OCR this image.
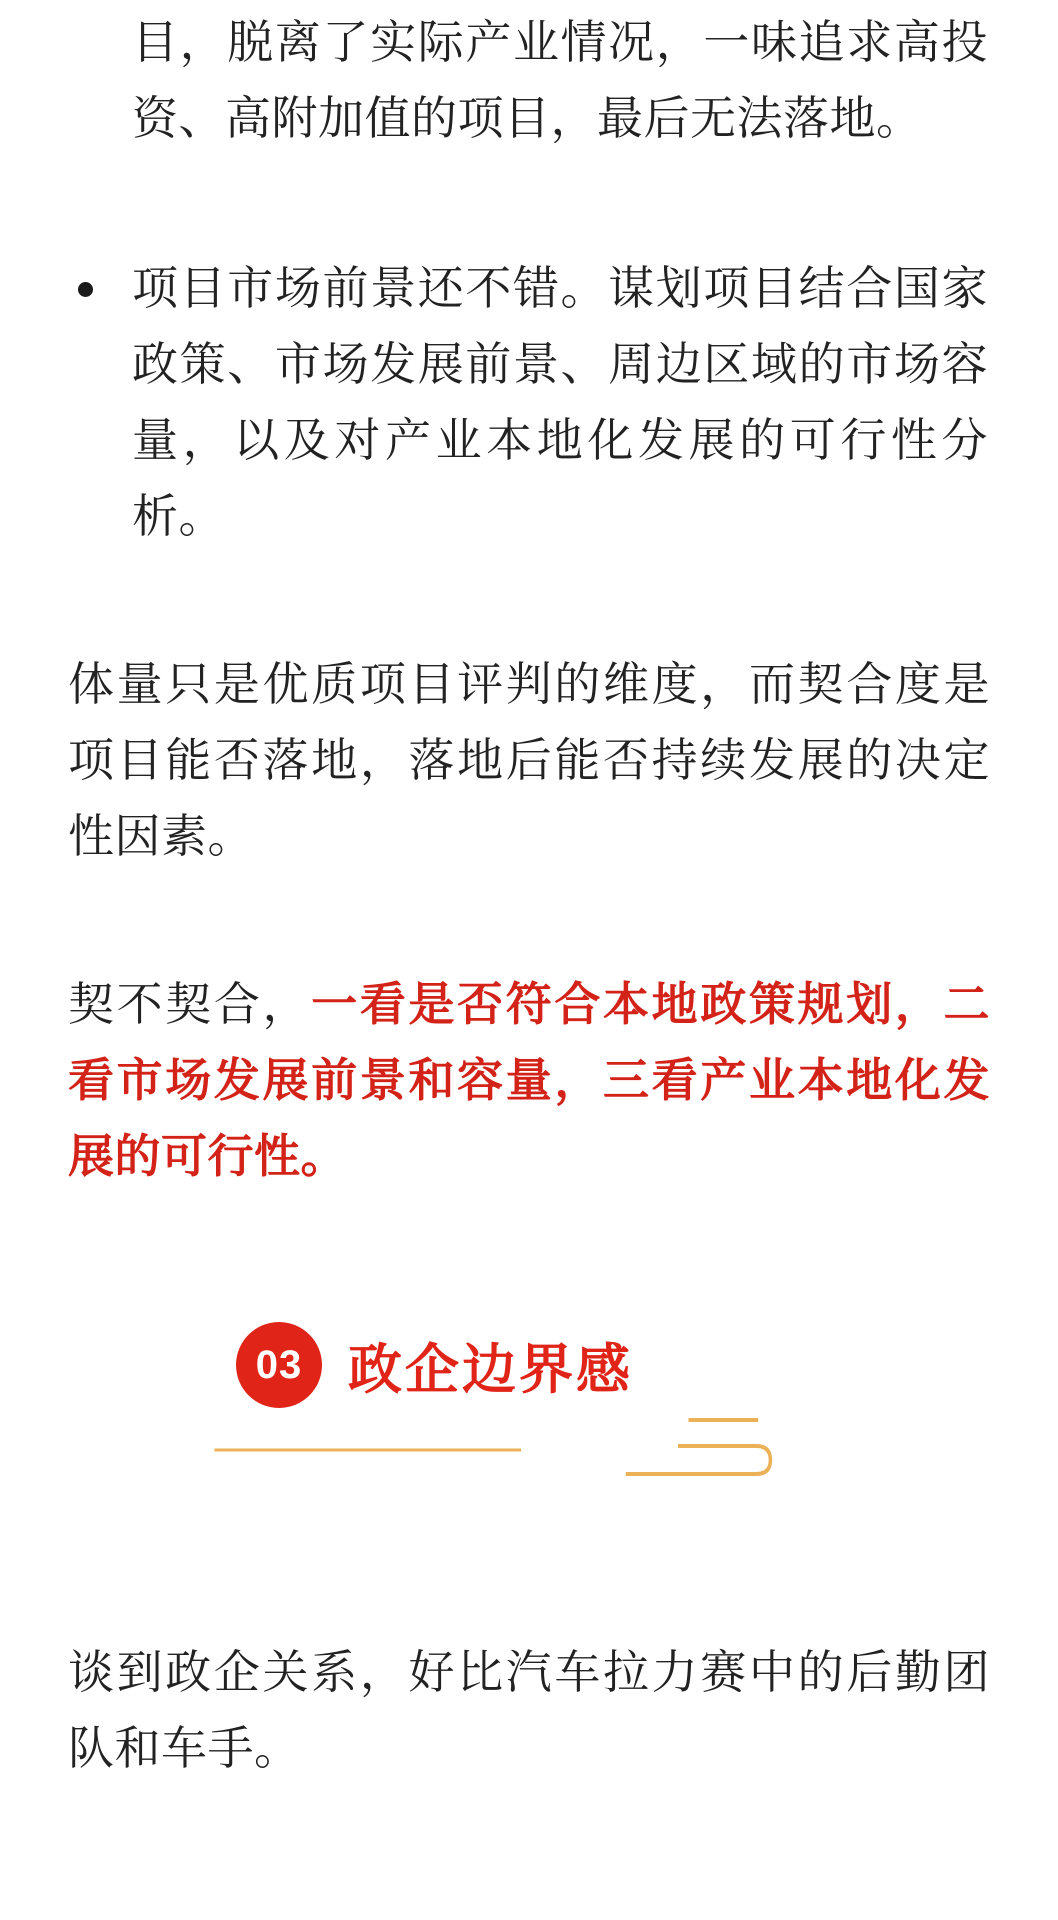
目，脱离了实际产业情况，一味追求高投资、高附加值的项目，最后无法落地。

项目市场前景还不错。谋划项目结合国家政策、市场发展前景、周边区域的市场容量，以及对产业本地化发展的可行性分析。

体量只是优质项目评判的维度，而契合度是项目能否落地，落地后能否持续发展的决定性因素。

契不契合，一看是否符合本地政策规划，二看市场发展前景和容量，三看产业本地化发展的可行性。

03 政企边界感

谈到政企关系，好比汽车拉力赛中的后勤团队和车手。
